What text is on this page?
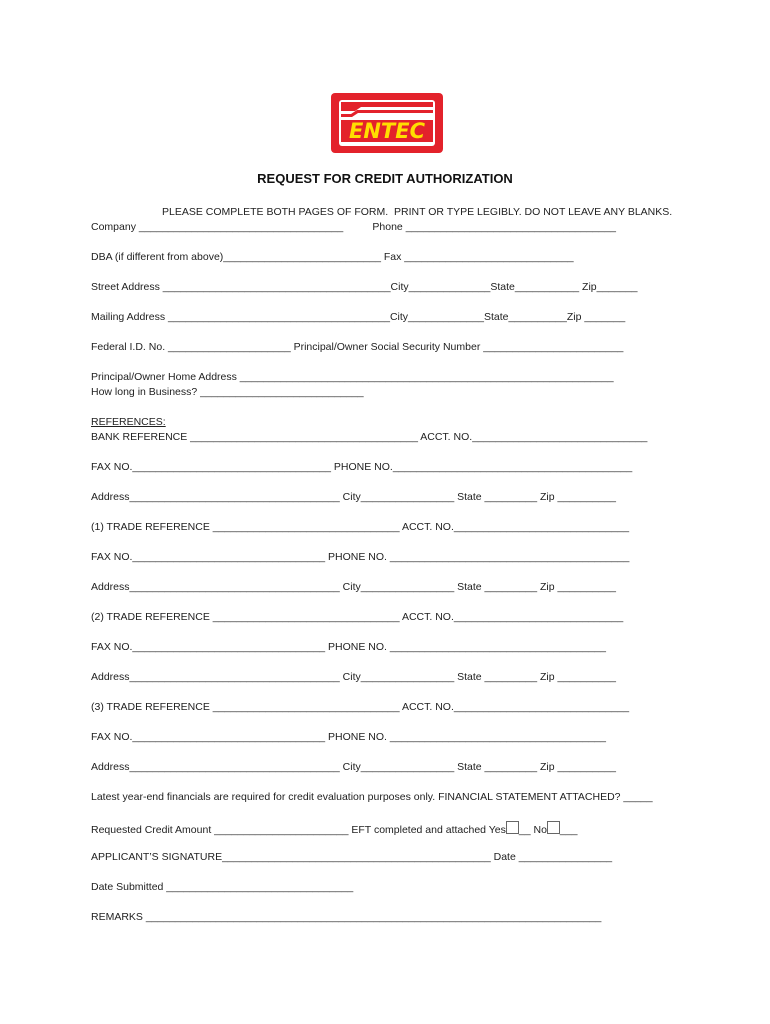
ENTEC
REQUEST FOR CREDIT AUTHORIZATION
PLEASE COMPLETE BOTH PAGES OF FORM.  PRINT OR TYPE LEGIBLY. DO NOT LEAVE ANY BLANKS.
Company ___________________________________          Phone ____________________________________
DBA (if different from above)___________________________ Fax _____________________________
Street Address _______________________________________City______________State___________ Zip_______
Mailing Address ______________________________________City_____________State__________Zip _______
Federal I.D. No. _____________________ Principal/Owner Social Security Number ________________________
Principal/Owner Home Address ________________________________________________________________
How long in Business? ____________________________
REFERENCES:
BANK REFERENCE _______________________________________ ACCT. NO.______________________________
FAX NO.__________________________________ PHONE NO._________________________________________
Address____________________________________ City________________ State _________ Zip __________
(1) TRADE REFERENCE ________________________________ ACCT. NO.______________________________
FAX NO._________________________________ PHONE NO. _________________________________________
Address____________________________________ City________________ State _________ Zip __________
(2) TRADE REFERENCE ________________________________ ACCT. NO._____________________________
FAX NO._________________________________ PHONE NO. _____________________________________
Address____________________________________ City________________ State _________ Zip __________
(3) TRADE REFERENCE ________________________________ ACCT. NO.______________________________
FAX NO._________________________________ PHONE NO. _____________________________________
Address____________________________________ City________________ State _________ Zip __________
Latest year-end financials are required for credit evaluation purposes only. FINANCIAL STATEMENT ATTACHED? _____
Requested Credit Amount _______________________ EFT completed and attached Yes __ No ___
APPLICANT’S SIGNATURE______________________________________________ Date ________________
Date Submitted ________________________________
REMARKS ______________________________________________________________________________
